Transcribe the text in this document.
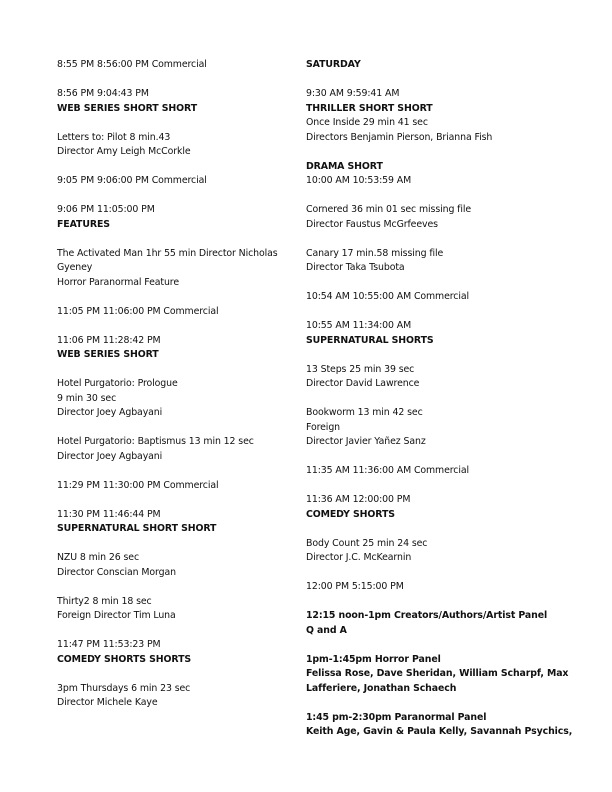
8:55 PM 8:56:00 PM Commercial
8:56 PM 9:04:43 PM
WEB SERIES SHORT SHORT
Letters to: Pilot 8 min.43
Director Amy Leigh McCorkle
9:05 PM 9:06:00 PM Commercial
9:06 PM 11:05:00 PM
FEATURES
The Activated Man 1hr 55 min Director Nicholas
Gyeney
Horror Paranormal Feature
11:05 PM 11:06:00 PM Commercial
11:06 PM 11:28:42 PM
WEB SERIES SHORT
Hotel Purgatorio: Prologue
9 min 30 sec
Director Joey Agbayani
Hotel Purgatorio: Baptismus 13 min 12 sec
Director Joey Agbayani
11:29 PM 11:30:00 PM Commercial
11:30 PM 11:46:44 PM
SUPERNATURAL SHORT SHORT
NZU 8 min 26 sec
Director Conscian Morgan
Thirty2 8 min 18 sec
Foreign Director Tim Luna
11:47 PM 11:53:23 PM
COMEDY SHORTS SHORTS
3pm Thursdays 6 min 23 sec
Director Michele Kaye
SATURDAY
9:30 AM 9:59:41 AM
THRILLER SHORT SHORT
Once Inside 29 min 41 sec
Directors Benjamin Pierson, Brianna Fish
DRAMA SHORT
10:00 AM 10:53:59 AM
Cornered 36 min 01 sec missing file
Director Faustus McGrfeeves
Canary 17 min.58 missing file
Director Taka Tsubota
10:54 AM 10:55:00 AM Commercial
10:55 AM 11:34:00 AM
SUPERNATURAL SHORTS
13 Steps 25 min 39 sec
Director David Lawrence
Bookworm 13 min 42 sec
Foreign
Director Javier Yañez Sanz
11:35 AM 11:36:00 AM Commercial
11:36 AM 12:00:00 PM
COMEDY SHORTS
Body Count 25 min 24 sec
Director J.C. McKearnin
12:00 PM 5:15:00 PM
12:15 noon-1pm Creators/Authors/Artist Panel
Q and A
1pm-1:45pm Horror Panel
Felissa Rose, Dave Sheridan, William Scharpf, Max
Lafferiere, Jonathan Schaech
1:45 pm-2:30pm Paranormal Panel
Keith Age, Gavin & Paula Kelly, Savannah Psychics,
